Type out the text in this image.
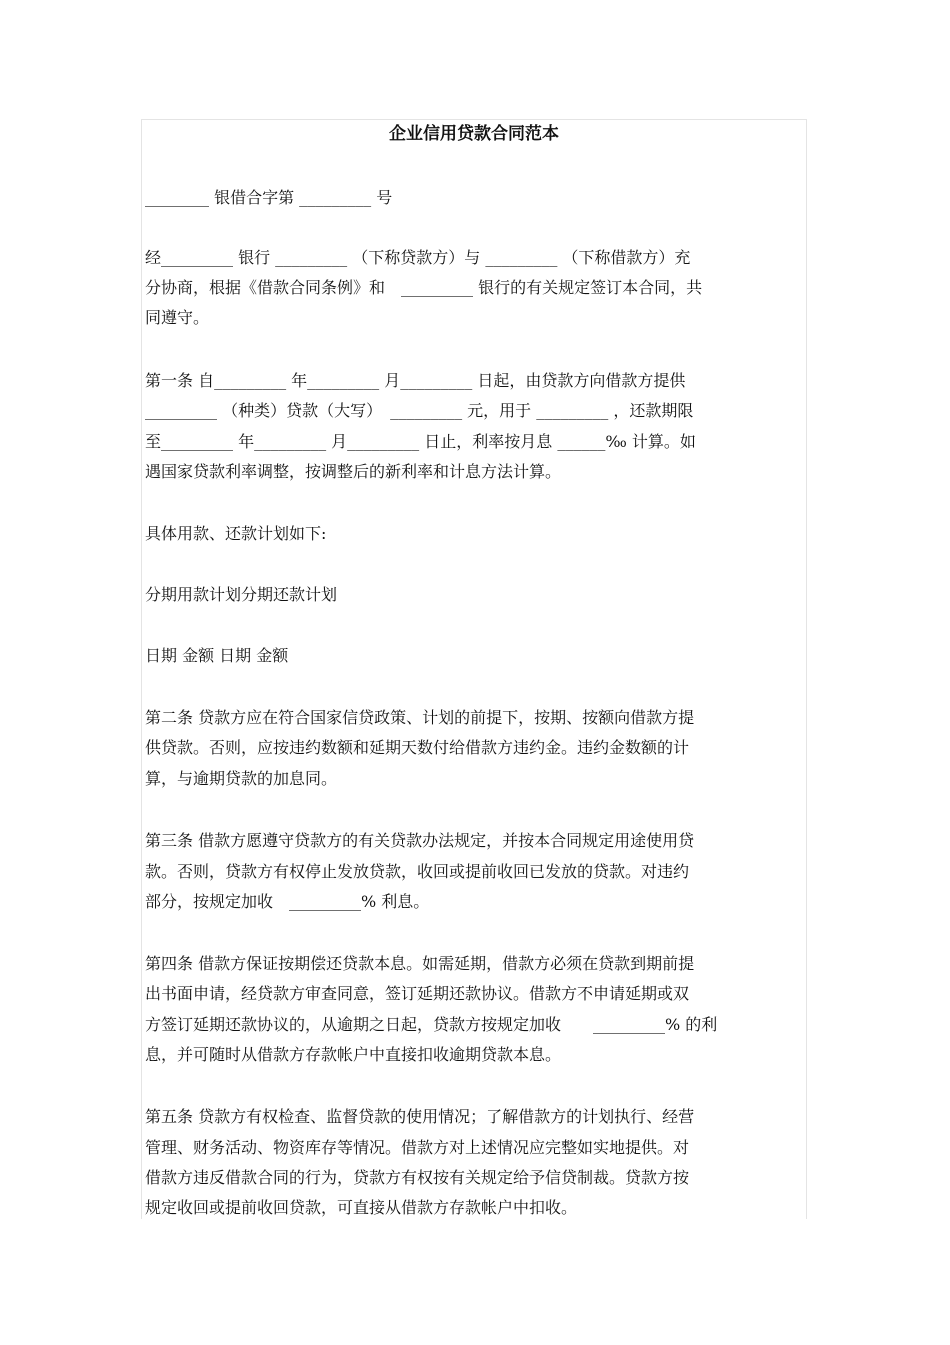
企业信用贷款合同范本

________ 银借合字第 _________ 号

经_________ 银行 _________ （下称贷款方）与 _________ （下称借款方）充

分协商，根据《借款合同条例》和　_________ 银行的有关规定签订本合同，共

同遵守。

第一条 自_________ 年_________ 月_________ 日起，由贷款方向借款方提供

_________ （种类）贷款（大写）　_________ 元，用于 _________ ，还款期限

至_________ 年_________ 月_________ 日止，利率按月息 ______‰ 计算。如

遇国家贷款利率调整，按调整后的新利率和计息方法计算。

具体用款、还款计划如下:

分期用款计划分期还款计划

日期 金额 日期 金额

第二条 贷款方应在符合国家信贷政策、计划的前提下，按期、按额向借款方提

供贷款。否则，应按违约数额和延期天数付给借款方违约金。违约金数额的计

算，与逾期贷款的加息同。

第三条 借款方愿遵守贷款方的有关贷款办法规定，并按本合同规定用途使用贷

款。否则，贷款方有权停止发放贷款，收回或提前收回已发放的贷款。对违约

部分，按规定加收　_________% 利息。

第四条 借款方保证按期偿还贷款本息。如需延期，借款方必须在贷款到期前提

出书面申请，经贷款方审查同意，签订延期还款协议。借款方不申请延期或双

方签订延期还款协议的，从逾期之日起，贷款方按规定加收　　_________% 的利

息，并可随时从借款方存款帐户中直接扣收逾期贷款本息。

第五条 贷款方有权检查、监督贷款的使用情况；了解借款方的计划执行、经营

管理、财务活动、物资库存等情况。借款方对上述情况应完整如实地提供。对

借款方违反借款合同的行为，贷款方有权按有关规定给予信贷制裁。贷款方按

规定收回或提前收回贷款，可直接从借款方存款帐户中扣收。
